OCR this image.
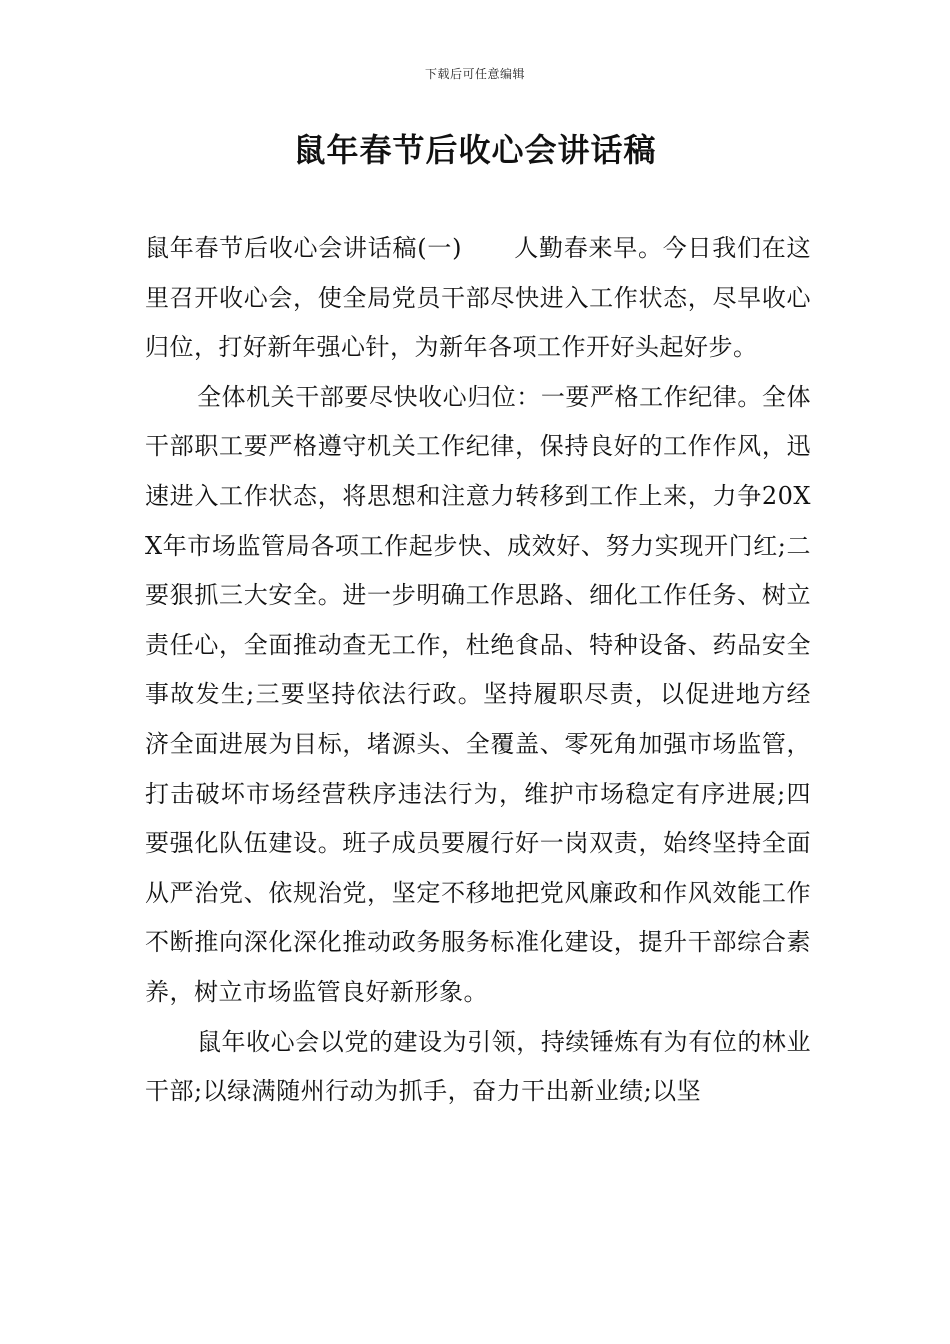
下载后可任意编辑
鼠年春节后收心会讲话稿

鼠年春节后收心会讲话稿(一) 人勤春来早。今日我们在这里召开收心会，使全局党员干部尽快进入工作状态，尽早收心归位，打好新年强心针，为新年各项工作开好头起好步。

全体机关干部要尽快收心归位：一要严格工作纪律。全体干部职工要严格遵守机关工作纪律，保持良好的工作作风，迅速进入工作状态，将思想和注意力转移到工作上来，力争20XX年市场监管局各项工作起步快、成效好、努力实现开门红;二要狠抓三大安全。进一步明确工作思路、细化工作任务、树立责任心，全面推动查无工作，杜绝食品、特种设备、药品安全事故发生;三要坚持依法行政。坚持履职尽责，以促进地方经济全面进展为目标，堵源头、全覆盖、零死角加强市场监管，打击破坏市场经营秩序违法行为，维护市场稳定有序进展;四要强化队伍建设。班子成员要履行好一岗双责，始终坚持全面从严治党、依规治党，坚定不移地把党风廉政和作风效能工作不断推向深化深化推动政务服务标准化建设，提升干部综合素养，树立市场监管良好新形象。

鼠年收心会以党的建设为引领，持续锤炼有为有位的林业干部;以绿满随州行动为抓手，奋力干出新业绩;以坚
